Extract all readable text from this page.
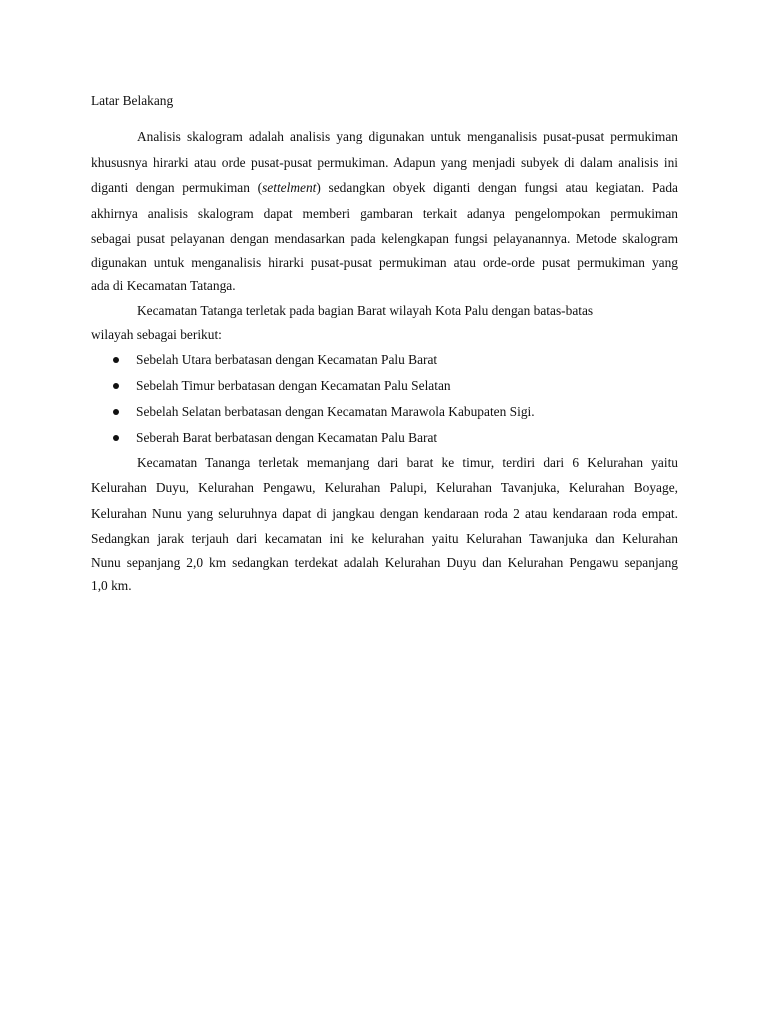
Latar Belakang
Analisis skalogram adalah analisis yang digunakan untuk menganalisis pusat-pusat permukiman
khususnya hirarki atau orde pusat-pusat permukiman. Adapun yang menjadi subyek di dalam analisis ini
diganti dengan permukiman (settelment) sedangkan obyek diganti dengan fungsi atau kegiatan. Pada
akhirnya analisis skalogram dapat memberi gambaran terkait adanya pengelompokan permukiman
sebagai pusat pelayanan dengan mendasarkan pada kelengkapan fungsi pelayanannya. Metode skalogram
digunakan untuk menganalisis hirarki pusat-pusat permukiman atau orde-orde pusat permukiman yang
ada di Kecamatan Tatanga.
Kecamatan Tatanga terletak pada bagian Barat wilayah Kota Palu dengan batas-batas
wilayah sebagai berikut:
Sebelah Utara berbatasan dengan Kecamatan Palu Barat
Sebelah Timur berbatasan dengan Kecamatan Palu Selatan
Sebelah Selatan berbatasan dengan Kecamatan Marawola Kabupaten Sigi.
Seberah Barat berbatasan dengan Kecamatan Palu Barat
Kecamatan Tananga terletak memanjang dari barat ke timur, terdiri dari 6 Kelurahan yaitu
Kelurahan Duyu, Kelurahan Pengawu, Kelurahan Palupi, Kelurahan Tavanjuka, Kelurahan Boyage,
Kelurahan Nunu yang seluruhnya dapat di jangkau dengan kendaraan roda 2 atau kendaraan roda empat.
Sedangkan jarak terjauh dari kecamatan ini ke kelurahan yaitu Kelurahan Tawanjuka dan Kelurahan
Nunu sepanjang 2,0 km sedangkan terdekat adalah Kelurahan Duyu dan Kelurahan Pengawu sepanjang
1,0 km.
